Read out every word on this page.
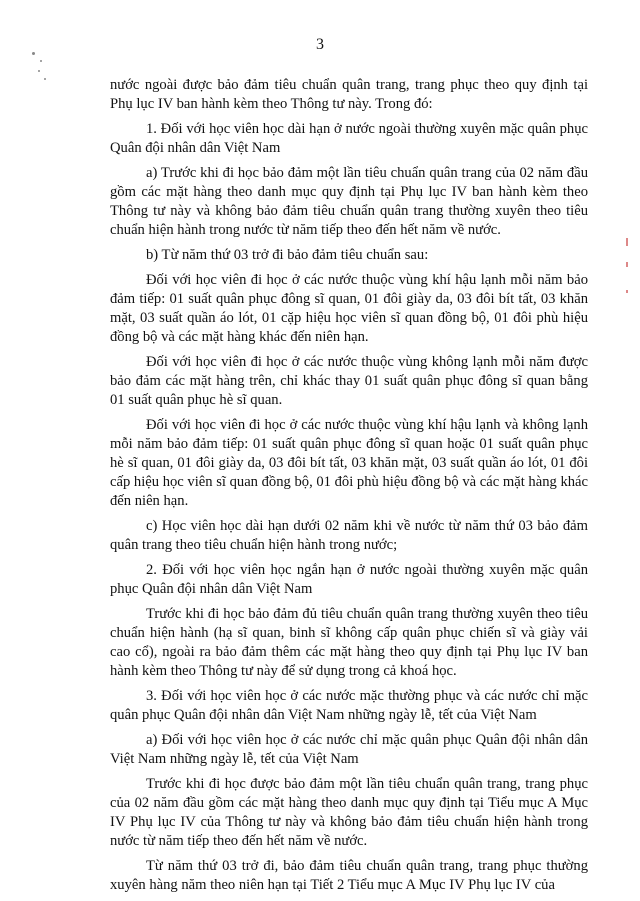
3

nước ngoài được bảo đảm tiêu chuẩn quân trang, trang phục theo quy định tại Phụ lục IV ban hành kèm theo Thông tư này. Trong đó:

1. Đối với học viên học dài hạn ở nước ngoài thường xuyên mặc quân phục Quân đội nhân dân Việt Nam

a) Trước khi đi học bảo đảm một lần tiêu chuẩn quân trang của 02 năm đầu gồm các mặt hàng theo danh mục quy định tại Phụ lục IV ban hành kèm theo Thông tư này và không bảo đảm tiêu chuẩn quân trang thường xuyên theo tiêu chuẩn hiện hành trong nước từ năm tiếp theo đến hết năm về nước.

b) Từ năm thứ 03 trở đi bảo đảm tiêu chuẩn sau:

Đối với học viên đi học ở các nước thuộc vùng khí hậu lạnh mỗi năm bảo đảm tiếp: 01 suất quân phục đông sĩ quan, 01 đôi giày da, 03 đôi bít tất, 03 khăn mặt, 03 suất quần áo lót, 01 cặp hiệu học viên sĩ quan đồng bộ, 01 đôi phù hiệu đồng bộ và các mặt hàng khác đến niên hạn.

Đối với học viên đi học ở các nước thuộc vùng không lạnh mỗi năm được bảo đảm các mặt hàng trên, chỉ khác thay 01 suất quân phục đông sĩ quan bằng 01 suất quân phục hè sĩ quan.

Đối với học viên đi học ở các nước thuộc vùng khí hậu lạnh và không lạnh mỗi năm bảo đảm tiếp: 01 suất quân phục đông sĩ quan hoặc 01 suất quân phục hè sĩ quan, 01 đôi giày da, 03 đôi bít tất, 03 khăn mặt, 03 suất quần áo lót, 01 đôi cấp hiệu học viên sĩ quan đồng bộ, 01 đôi phù hiệu đồng bộ và các mặt hàng khác đến niên hạn.

c) Học viên học dài hạn dưới 02 năm khi về nước từ năm thứ 03 bảo đảm quân trang theo tiêu chuẩn hiện hành trong nước;

2. Đối với học viên học ngắn hạn ở nước ngoài thường xuyên mặc quân phục Quân đội nhân dân Việt Nam

Trước khi đi học bảo đảm đủ tiêu chuẩn quân trang thường xuyên theo tiêu chuẩn hiện hành (hạ sĩ quan, binh sĩ không cấp quân phục chiến sĩ và giày vải cao cổ), ngoài ra bảo đảm thêm các mặt hàng theo quy định tại Phụ lục IV ban hành kèm theo Thông tư này để sử dụng trong cả khoá học.

3. Đối với học viên học ở các nước mặc thường phục và các nước chỉ mặc quân phục Quân đội nhân dân Việt Nam những ngày lễ, tết của Việt Nam

a) Đối với học viên học ở các nước chỉ mặc quân phục Quân đội nhân dân Việt Nam những ngày lễ, tết của Việt Nam

Trước khi đi học được bảo đảm một lần tiêu chuẩn quân trang, trang phục của 02 năm đầu gồm các mặt hàng theo danh mục quy định tại Tiểu mục A Mục IV Phụ lục IV của Thông tư này và không bảo đảm tiêu chuẩn hiện hành trong nước từ năm tiếp theo đến hết năm về nước.

Từ năm thứ 03 trở đi, bảo đảm tiêu chuẩn quân trang, trang phục thường xuyên hàng năm theo niên hạn tại Tiết 2 Tiểu mục A Mục IV Phụ lục IV của
